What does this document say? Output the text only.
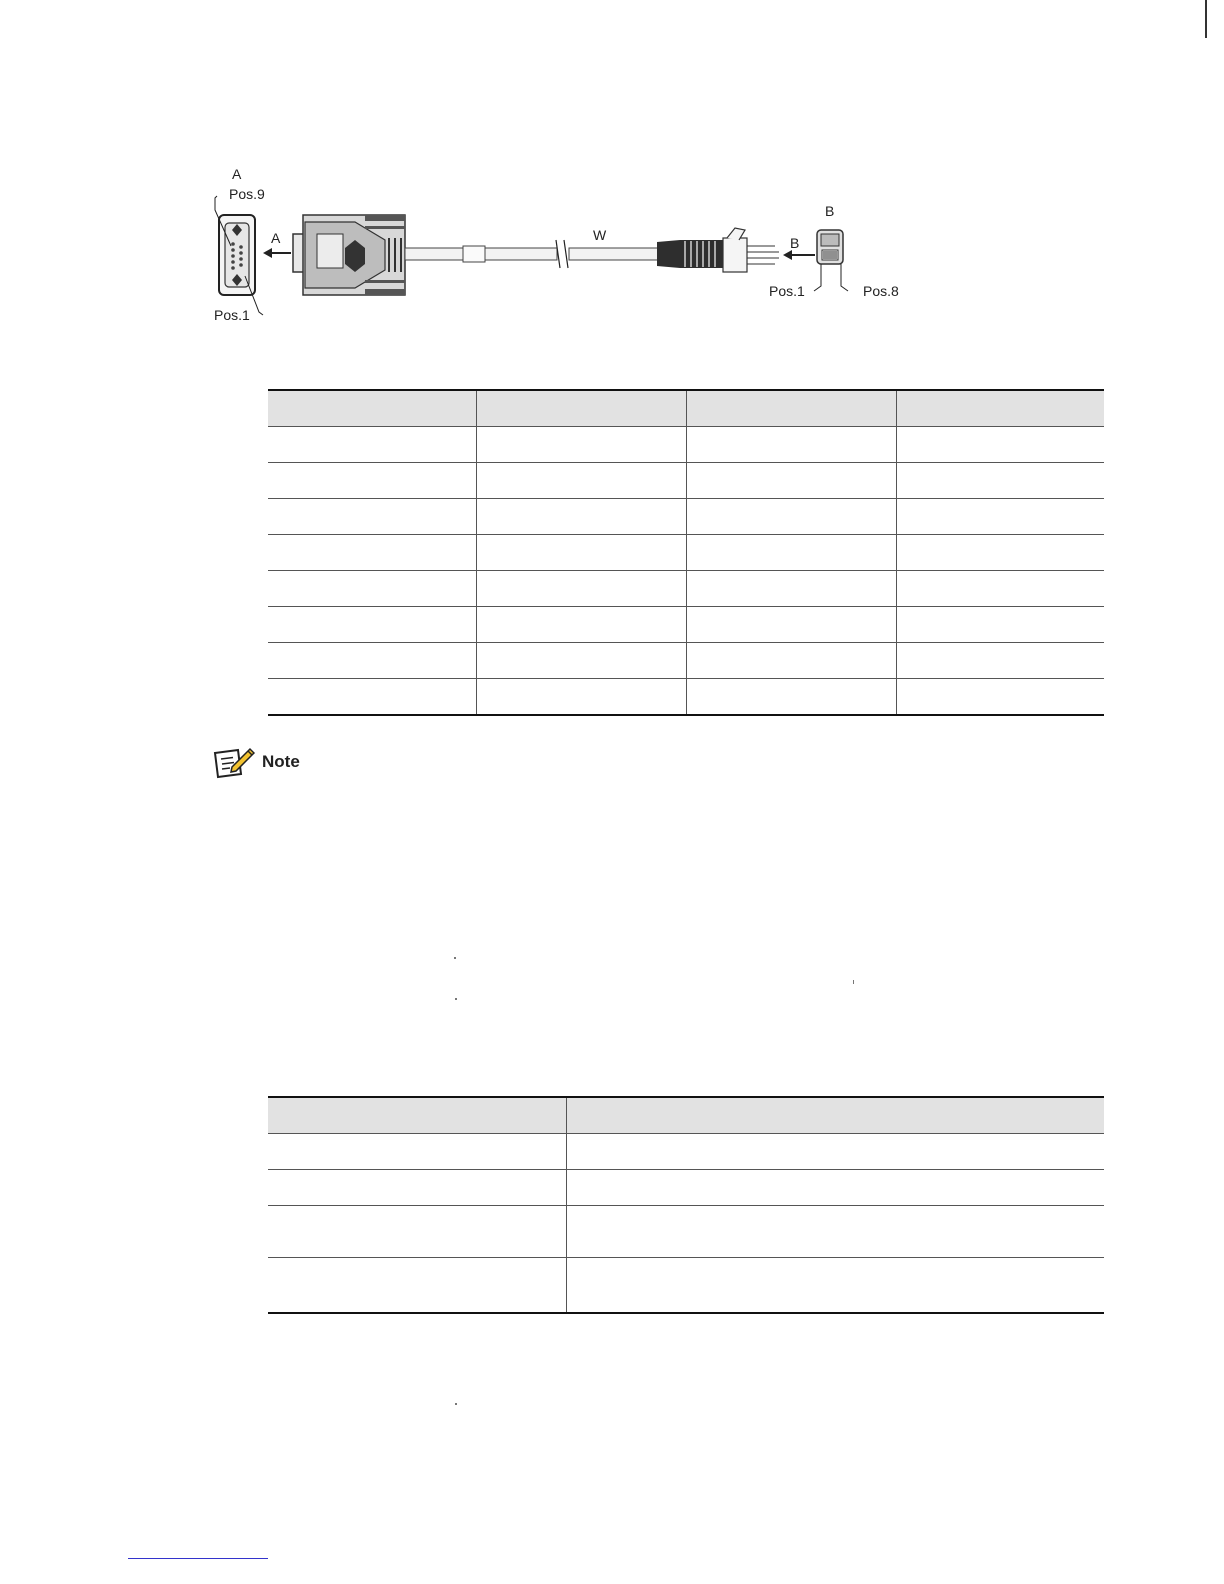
A
Pos.9
Pos.1
A	W	B
B
Pos.1	Pos.8

Note
